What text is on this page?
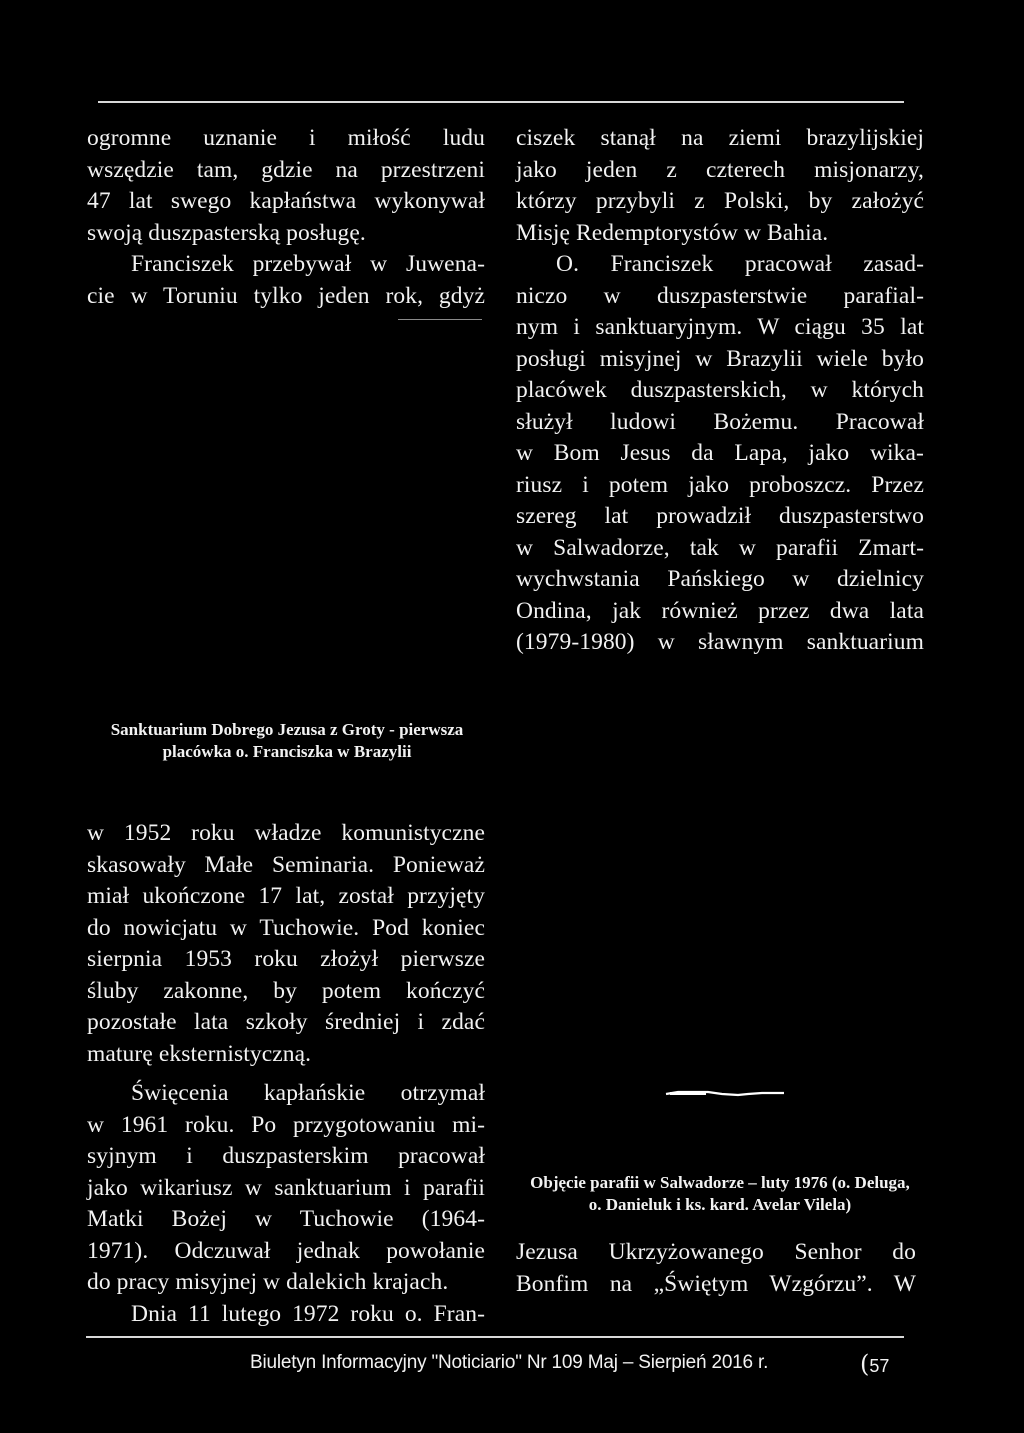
ogromne uznanie i miłość ludu
wszędzie tam, gdzie na przestrzeni
47 lat swego kapłaństwa wykonywał
swoją duszpasterską posługę.
Franciszek przebywał w Juwena-
cie w Toruniu tylko jeden rok, gdyż
ciszek stanął na ziemi brazylijskiej
jako jeden z czterech misjonarzy,
którzy przybyli z Polski, by założyć
Misję Redemptorystów w Bahia.
O. Franciszek pracował zasad-
niczo w duszpasterstwie parafial-
nym i sanktuaryjnym. W ciągu 35 lat
posługi misyjnej w Brazylii wiele było
placówek duszpasterskich, w których
służył ludowi Bożemu. Pracował
w Bom Jesus da Lapa, jako wika-
riusz i potem jako proboszcz. Przez
szereg lat prowadził duszpasterstwo
w Salwadorze, tak w parafii Zmart-
wychwstania Pańskiego w dzielnicy
Ondina, jak również przez dwa lata
(1979-1980) w sławnym sanktuarium
Sanktuarium Dobrego Jezusa z Groty - pierwsza
placówka o. Franciszka w Brazylii
w 1952 roku władze komunistyczne
skasowały Małe Seminaria. Ponieważ
miał ukończone 17 lat, został przyjęty
do nowicjatu w Tuchowie. Pod koniec
sierpnia 1953 roku złożył pierwsze
śluby zakonne, by potem kończyć
pozostałe lata szkoły średniej i zdać
maturę eksternistyczną.
Święcenia kapłańskie otrzymał
w 1961 roku. Po przygotowaniu mi-
syjnym i duszpasterskim pracował
jako wikariusz w sanktuarium i parafii
Matki Bożej w Tuchowie (1964-
1971). Odczuwał jednak powołanie
do pracy misyjnej w dalekich krajach.
Dnia 11 lutego 1972 roku o. Fran-
Objęcie parafii w Salwadorze – luty 1976 (o. Deluga,
o. Danieluk i ks. kard. Avelar Vilela)
Jezusa Ukrzyżowanego Senhor do
Bonfim na „Świętym Wzgórzu”. W
Biuletyn Informacyjny "Noticiario" Nr 109 Maj – Sierpień 2016 r.	(57
